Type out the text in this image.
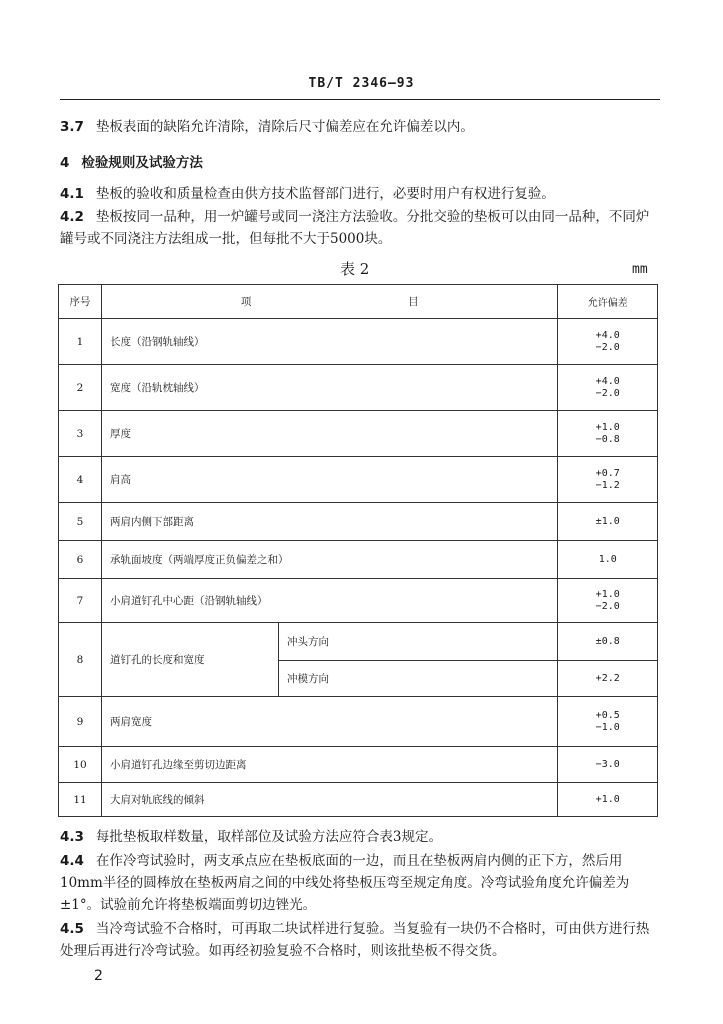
TB/T 2346—93
3.7 垫板表面的缺陷允许清除，清除后尺寸偏差应在允许偏差以内。
4 检验规则及试验方法
4.1 垫板的验收和质量检查由供方技术监督部门进行，必要时用户有权进行复验。
4.2 垫板按同一品种，用一炉罐号或同一浇注方法验收。分批交验的垫板可以由同一品种，不同炉罐号或不同浇注方法组成一批，但每批不大于5000块。
表 2	mm
序号	项 目		允许偏差
1	长度（沿钢轨轴线）		+4.0
−2.0

2	宽度（沿轨枕轴线）		+4.0
−2.0

3	厚度		+1.0
−0.8

4	肩高		+0.7
−1.2

5	两肩内侧下部距离		±1.0

6	承轨面坡度（两端厚度正负偏差之和）		1.0

7	小肩道钉孔中心距（沿钢轨轴线）		+1.0
−2.0

8	道钉孔的长度和宽度	冲头方向	±0.8
		冲模方向	+2.2
9	两肩宽度		+0.5
−1.0

10	小肩道钉孔边缘至剪切边距离		−3.0

11	大肩对轨底线的倾斜		+1.0
4.3 每批垫板取样数量，取样部位及试验方法应符合表3规定。
4.4 在作冷弯试验时，两支承点应在垫板底面的一边，而且在垫板两肩内侧的正下方，然后用10mm半径的圆棒放在垫板两肩之间的中线处将垫板压弯至规定角度。冷弯试验角度允许偏差为±1°。试验前允许将垫板端面剪切边锉光。
4.5 当冷弯试验不合格时，可再取二块试样进行复验。当复验有一块仍不合格时，可由供方进行热处理后再进行冷弯试验。如再经初验复验不合格时，则该批垫板不得交货。
2
